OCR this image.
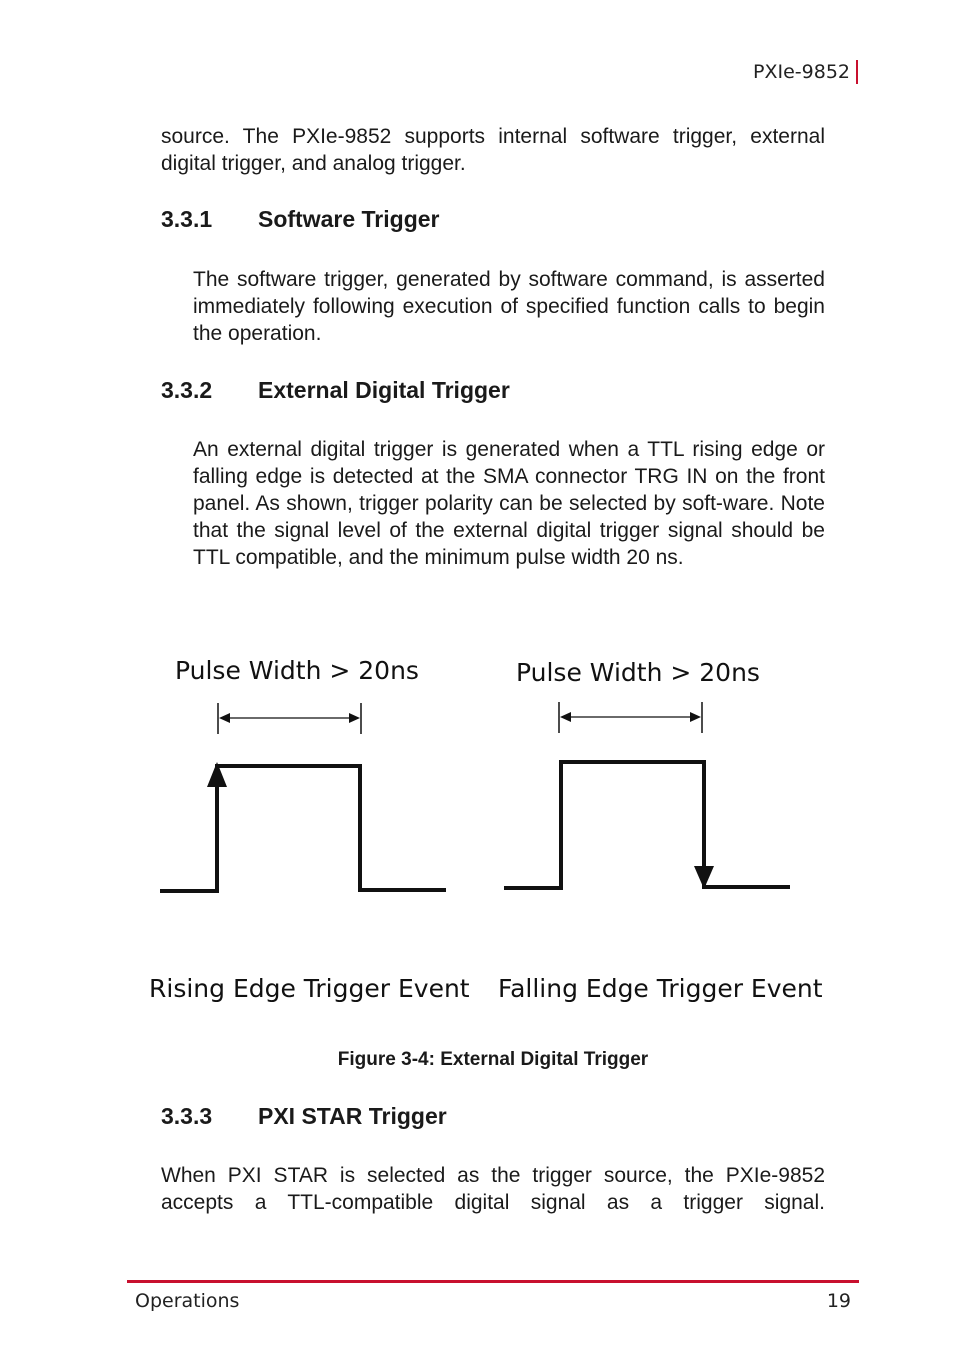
PXIe-9852
source. The PXIe-9852 supports internal software trigger, external digital trigger, and analog trigger.
3.3.1 Software Trigger
The software trigger, generated by software command, is asserted immediately following execution of specified function calls to begin the operation.
3.3.2 External Digital Trigger
An external digital trigger is generated when a TTL rising edge or falling edge is detected at the SMA connector TRG IN on the front panel. As shown, trigger polarity can be selected by soft-ware. Note that the signal level of the external digital trigger signal should be TTL compatible, and the minimum pulse width 20 ns.
Pulse Width > 20ns	Pulse Width > 20ns
Rising Edge Trigger Event Falling Edge Trigger Event
Figure 3-4: External Digital Trigger
3.3.3 PXI STAR Trigger
When PXI STAR is selected as the trigger source, the PXIe-9852 accepts a TTL-compatible digital signal as a trigger signal.
Operations	19
